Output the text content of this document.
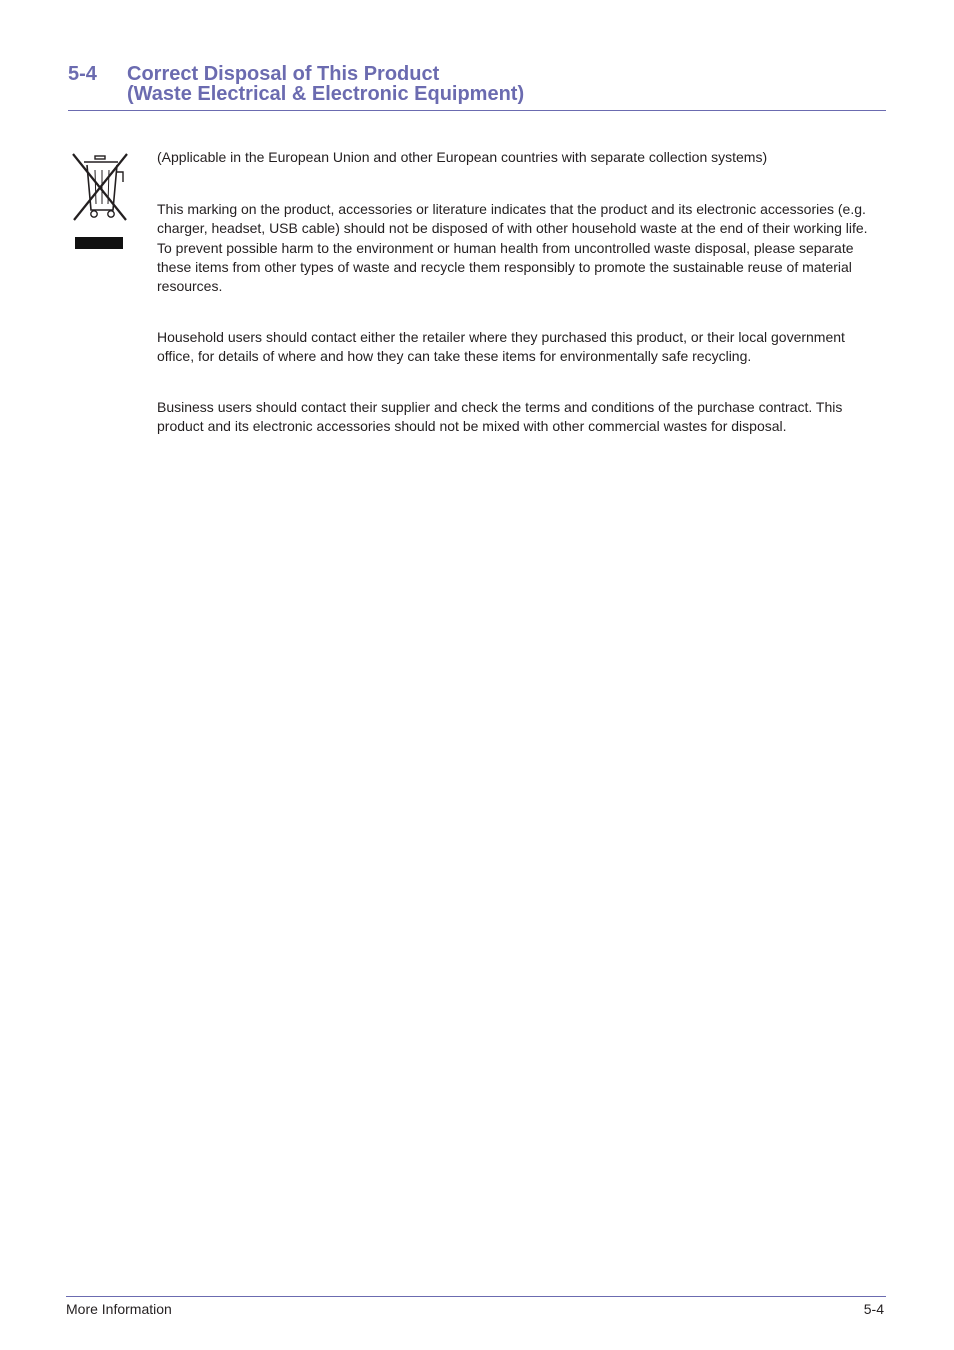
5-4 Correct Disposal of This Product
(Waste Electrical & Electronic Equipment)

(Applicable in the European Union and other European countries with separate collection systems)

This marking on the product, accessories or literature indicates that the product and its electronic accessories (e.g. charger, headset, USB cable) should not be disposed of with other household waste at the end of their working life. To prevent possible harm to the environment or human health from uncontrolled waste disposal, please separate these items from other types of waste and recycle them responsibly to promote the sustainable reuse of material resources.

Household users should contact either the retailer where they purchased this product, or their local government office, for details of where and how they can take these items for environmentally safe recycling.

Business users should contact their supplier and check the terms and conditions of the purchase contract. This product and its electronic accessories should not be mixed with other commercial wastes for disposal.

More Information	5-4
